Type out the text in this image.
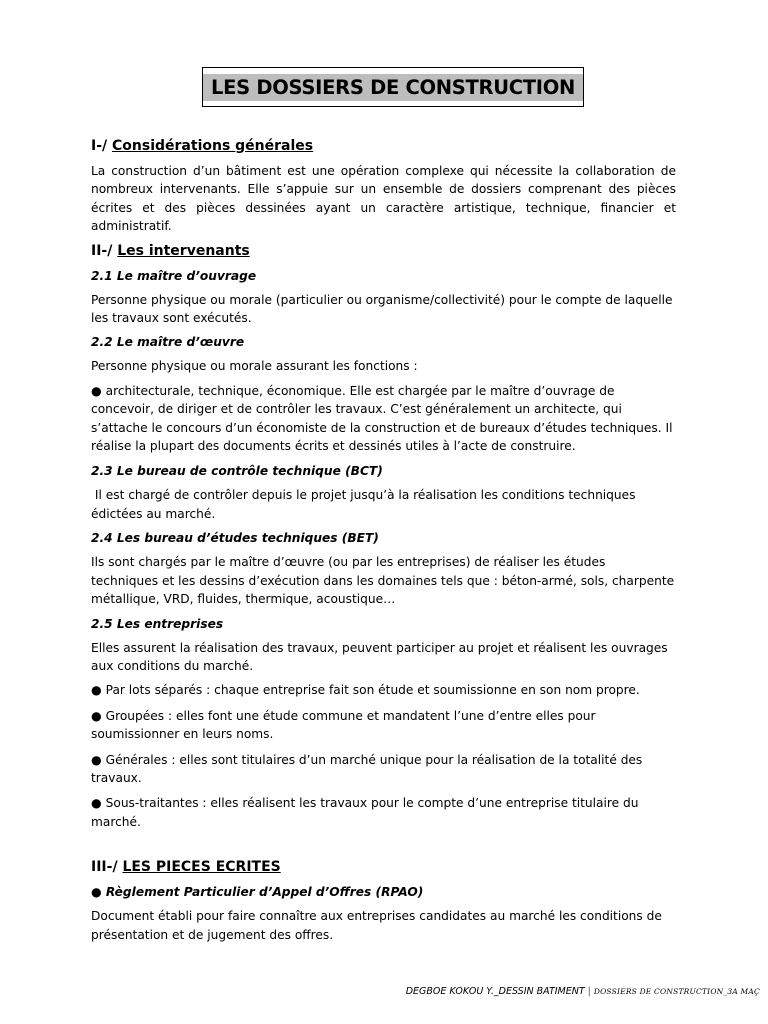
LES DOSSIERS DE CONSTRUCTION
I-/ Considérations générales
La construction d’un bâtiment est une opération complexe qui nécessite la collaboration de nombreux intervenants. Elle s’appuie sur un ensemble de dossiers comprenant des pièces écrites et des pièces dessinées ayant un caractère artistique, technique, financier et administratif.
II-/ Les intervenants
2.1 Le maître d’ouvrage
Personne physique ou morale (particulier ou organisme/collectivité) pour le compte de laquelle les travaux sont exécutés.
2.2 Le maître d’œuvre
Personne physique ou morale assurant les fonctions :
● architecturale, technique, économique. Elle est chargée par le maître d’ouvrage de concevoir, de diriger et de contrôler les travaux. C’est généralement un architecte, qui s’attache le concours d’un économiste de la construction et de bureaux d’études techniques. Il réalise la plupart des documents écrits et dessinés utiles à l’acte de construire.
2.3 Le bureau de contrôle technique (BCT)
Il est chargé de contrôler depuis le projet jusqu’à la réalisation les conditions techniques édictées au marché.
2.4 Les bureau d’études techniques (BET)
Ils sont chargés par le maître d’œuvre (ou par les entreprises) de réaliser les études techniques et les dessins d’exécution dans les domaines tels que : béton-armé, sols, charpente métallique, VRD, fluides, thermique, acoustique…
2.5 Les entreprises
Elles assurent la réalisation des travaux, peuvent participer au projet et réalisent les ouvrages aux conditions du marché.
● Par lots séparés : chaque entreprise fait son étude et soumissionne en son nom propre.
● Groupées : elles font une étude commune et mandatent l’une d’entre elles pour soumissionner en leurs noms.
● Générales : elles sont titulaires d’un marché unique pour la réalisation de la totalité des travaux.
● Sous-traitantes : elles réalisent les travaux pour le compte d’une entreprise titulaire du marché.
III-/ LES PIECES ECRITES
● Règlement Particulier d’Appel d’Offres (RPAO)
Document établi pour faire connaître aux entreprises candidates au marché les conditions de présentation et de jugement des offres.
DEGBOE KOKOU Y._DESSIN BATIMENT | DOSSIERS DE CONSTRUCTION_3A MAÇ
